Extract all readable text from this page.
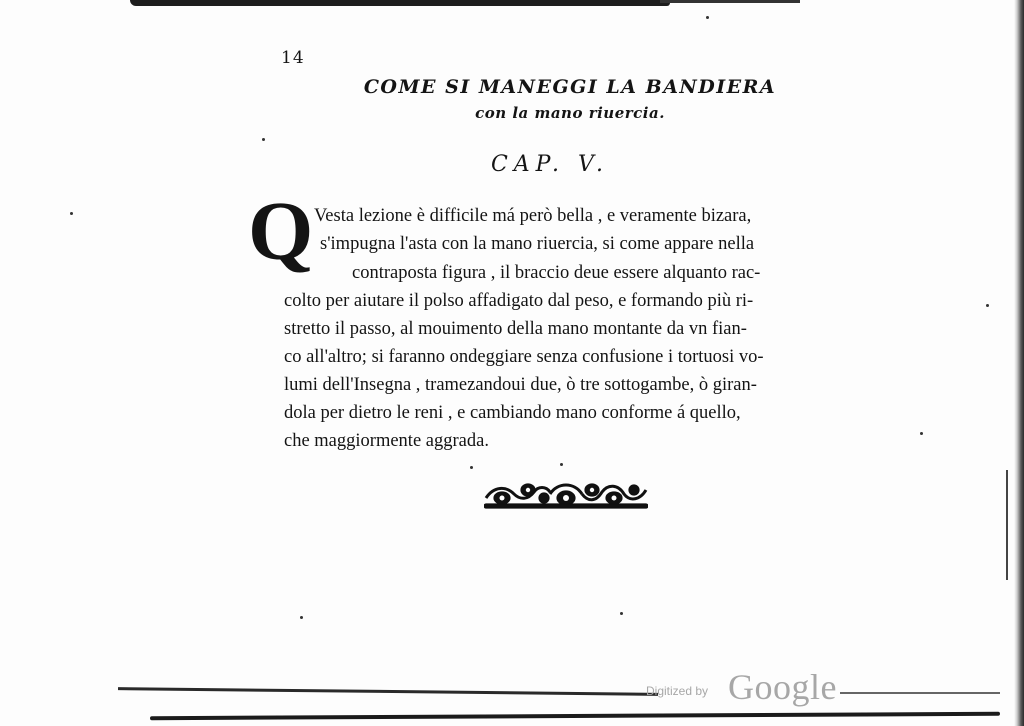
14
COME SI MANEGGI LA BANDIERA
con la mano riuercia.
CAP. V.
Q Vesta lezione è difficile má però bella , e veramente bizara,
s'impugna l'asta con la mano riuercia, si come appare nella
contraposta figura , il braccio deue essere alquanto rac-
colto per aiutare il polso affadigato dal peso, e formando più ri-
stretto il passo, al mouimento della mano montante da vn fian-
co all'altro; si faranno ondeggiare senza confusione i tortuosi vo-
lumi dell'Insegna , tramezandoui due, ò tre sottogambe, ò giran-
dola per dietro le reni , e cambiando mano conforme á quello,
che maggiormente aggrada.
Digitized by Google
